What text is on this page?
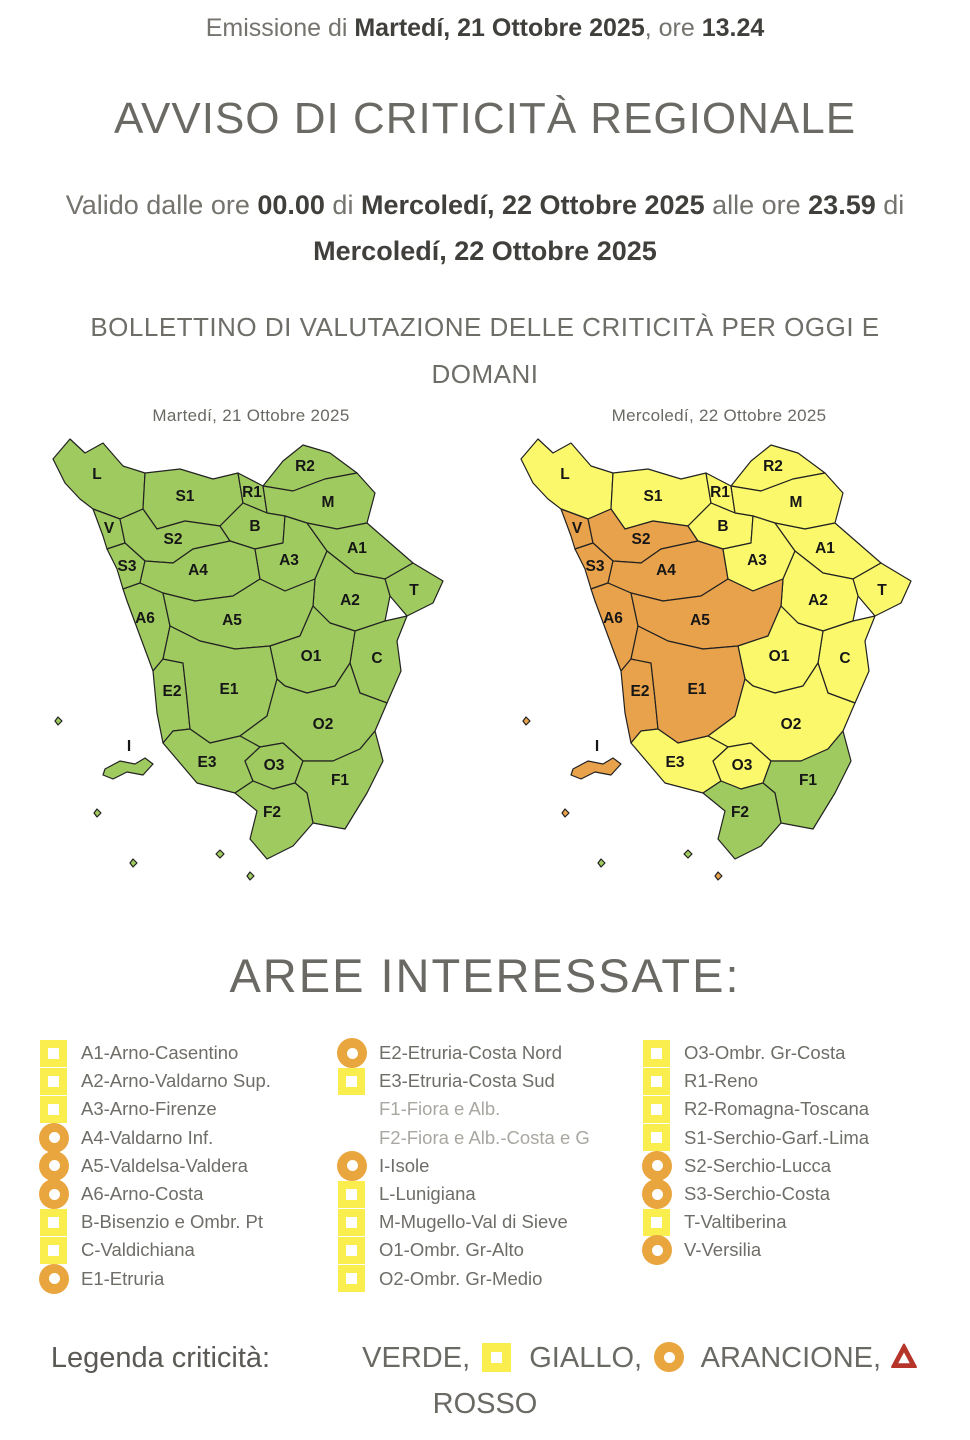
Emissione di Martedí, 21 Ottobre 2025, ore 13.24
AVVISO DI CRITICITÀ REGIONALE
Valido dalle ore 00.00 di Mercoledí, 22 Ottobre 2025 alle ore 23.59 di Mercoledí, 22 Ottobre 2025
BOLLETTINO DI VALUTAZIONE DELLE CRITICITÀ PER OGGI E DOMANI
Martedí, 21 Ottobre 2025
L
S1	R1
R2
M
V
S2
B
S3	A4
A3
A1
T
A2
A6	A5
C
O1
E2 E1
O2
E3	O3
F1
F2
I
Mercoledí, 22 Ottobre 2025
L
S1	R1
R2
M
V
S2
B
S3	A4
A3
A1
T
A2
A6	A5
C
O1
E2 E1
O2
E3	O3
F1
F2
I
AREE INTERESSATE:
A1-Arno-Casentino
A2-Arno-Valdarno Sup.
A3-Arno-Firenze
A4-Valdarno Inf.
A5-Valdelsa-Valdera
A6-Arno-Costa
B-Bisenzio e Ombr. Pt
C-Valdichiana
E1-Etruria
E2-Etruria-Costa Nord
E3-Etruria-Costa Sud
F1-Fiora e Alb.
F2-Fiora e Alb.-Costa e G
I-Isole
L-Lunigiana
M-Mugello-Val di Sieve
O1-Ombr. Gr-Alto
O2-Ombr. Gr-Medio
O3-Ombr. Gr-Costa
R1-Reno
R2-Romagna-Toscana
S1-Serchio-Garf.-Lima
S2-Serchio-Lucca
S3-Serchio-Costa
T-Valtiberina
V-Versilia
Legenda criticità:	VERDE,
GIALLO,
ARANCIONE,
ROSSO
